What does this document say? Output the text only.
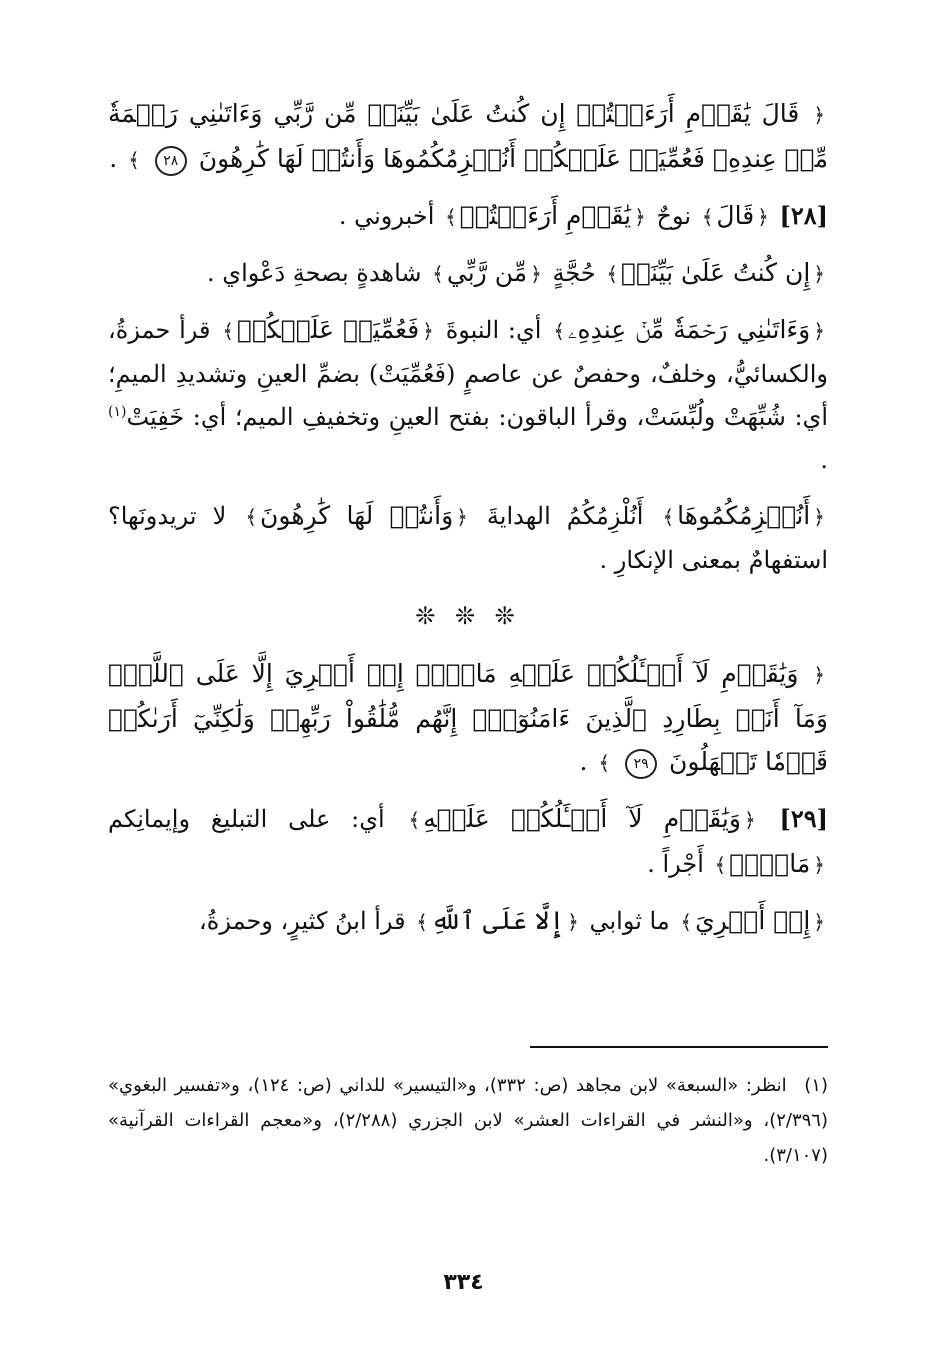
﴿ قَالَ يَٰقَوۡمِ أَرَءَيۡتُمۡ إِن كُنتُ عَلَىٰ بَيِّنَةٖ مِّن رَّبِّي وَءَاتَىٰنِي رَحۡمَةٗ مِّنۡ عِندِهِۦ فَعُمِّيَتۡ عَلَيۡكُمۡ أَنُلۡزِمُكُمُوهَا وَأَنتُمۡ لَهَا كَٰرِهُونَ ٢٨ ﴾ .

[٢٨] ﴿قَالَ﴾ نوحٌ ﴿يَٰقَوۡمِ أَرَءَيۡتُمۡ﴾ أخبروني .

﴿إِن كُنتُ عَلَىٰ بَيِّنَةٖ﴾ حُجَّةٍ ﴿مِّن رَّبِّي﴾ شاهدةٍ بصحةِ دَعْواي .

﴿وَءَاتَىٰنِي رَحۡمَةٗ مِّنۡ عِندِهِۦ﴾ أي: النبوةَ ﴿فَعُمِّيَتۡ عَلَيۡكُمۡ﴾ قرأ حمزةُ، والكسائيُّ، وخلفٌ، وحفصٌ عن عاصمٍ (فَعُمِّيَتْ) بضمِّ العينِ وتشديدِ الميمِ؛ أي: شُبِّهَتْ ولُبِّسَتْ، وقرأ الباقون: بفتح العينِ وتخفيفِ الميم؛ أي: خَفِيَتْ$^{(١)}$ .

﴿أَنُلۡزِمُكُمُوهَا﴾ أَنُلْزِمُكُمُ الهدايةَ ﴿وَأَنتُمۡ لَهَا كَٰرِهُونَ﴾ لا تريدونَها؟ استفهامٌ بمعنى الإنكارِ .

❊ ❊ ❊

﴿ وَيَٰقَوۡمِ لَآ أَسۡـَٔلُكُمۡ عَلَيۡهِ مَالًاۖ إِنۡ أَجۡرِيَ إِلَّا عَلَى ٱللَّهِۚ وَمَآ أَنَا۠ بِطَارِدِ ٱلَّذِينَ ءَامَنُوٓاْۚ إِنَّهُم مُّلَٰقُواْ رَبِّهِمۡ وَلَٰكِنِّيٓ أَرَىٰكُمۡ قَوۡمٗا تَجۡهَلُونَ ٢٩ ﴾ .

[٢٩] ﴿وَيَٰقَوۡمِ لَآ أَسۡـَٔلُكُمۡ عَلَيۡهِ﴾ أي: على التبليغ وإيمانِكم ﴿مَالًاۖ﴾ أَجْراً .

﴿إِنۡ أَجۡرِيَ﴾ ما ثوابي ﴿إِلَّا عَلَى ٱللَّهِ﴾ قرأ ابنُ كثيرٍ، وحمزةُ،

(١) انظر: «السبعة» لابن مجاهد (ص: ٣٣٢)، و«التيسير» للداني (ص: ١٢٤)، و«تفسير البغوي» (٢/٣٩٦)، و«النشر في القراءات العشر» لابن الجزري (٢/٢٨٨)، و«معجم القراءات القرآنية» (٣/١٠٧).
٣٣٤
